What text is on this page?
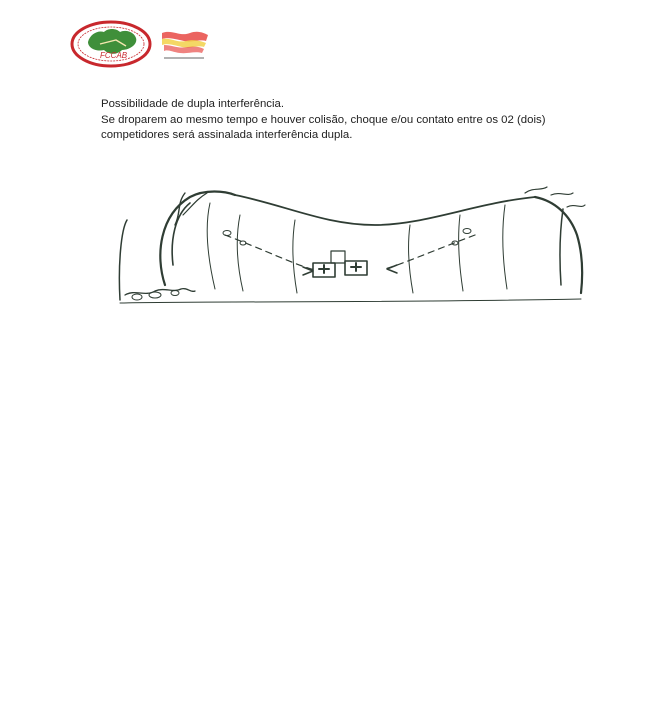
FCCAB

Possibilidade de dupla interferência.

Se droparem ao mesmo tempo e houver colisão, choque e/ou contato entre os 02 (dois) competidores será assinalada interferência dupla.
